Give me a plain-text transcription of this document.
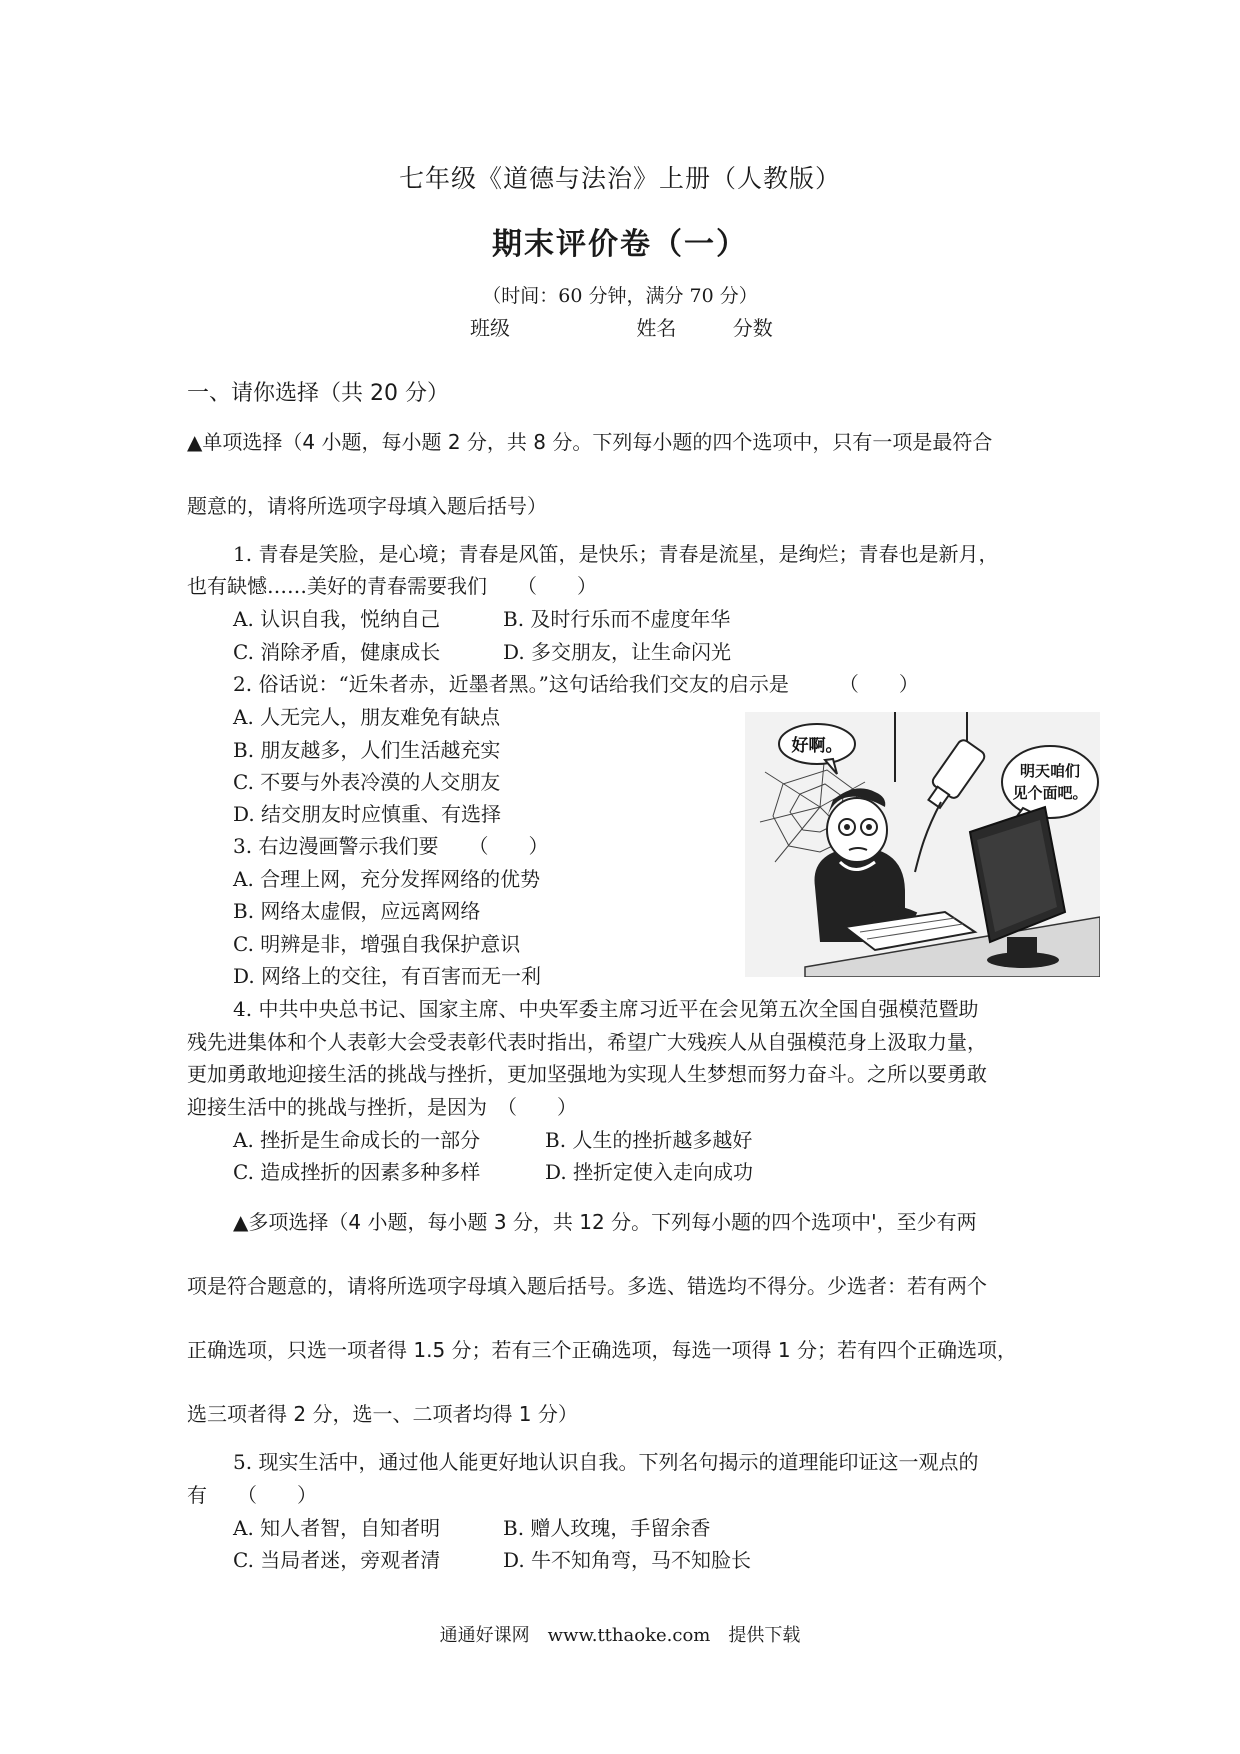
七年级《道德与法治》上册（人教版）
期末评价卷（一）
（时间：60 分钟，满分 70 分）
班级	姓名	分数
一、请你选择（共 20 分）
▲单项选择（4 小题，每小题 2 分，共 8 分。下列每小题的四个选项中，只有一项是最符合
题意的，请将所选项字母填入题后括号）
1. 青春是笑脸，是心境；青春是风笛，是快乐；青春是流星，是绚烂；青春也是新月，
也有缺憾……美好的青春需要我们　　（　　）
A. 认识自我，悦纳自己	B. 及时行乐而不虚度年华
C. 消除矛盾，健康成长	D. 多交朋友，让生命闪光
2. 俗话说：“近朱者赤，近墨者黑。”这句话给我们交友的启示是　　　（　　）
A. 人无完人，朋友难免有缺点
B. 朋友越多，人们生活越充实
C. 不要与外表冷漠的人交朋友
D. 结交朋友时应慎重、有选择
3. 右边漫画警示我们要　　（　　）
A. 合理上网，充分发挥网络的优势
B. 网络太虚假，应远离网络
C. 明辨是非，增强自我保护意识
D. 网络上的交往，有百害而无一利
好啊。
明天咱们
见个面吧。
4. 中共中央总书记、国家主席、中央军委主席习近平在会见第五次全国自强模范暨助
残先进集体和个人表彰大会受表彰代表时指出，希望广大残疾人从自强模范身上汲取力量，
更加勇敢地迎接生活的挑战与挫折，更加坚强地为实现人生梦想而努力奋斗。之所以要勇敢
迎接生活中的挑战与挫折，是因为　（　　）
A. 挫折是生命成长的一部分	B. 人生的挫折越多越好
C. 造成挫折的因素多种多样	D. 挫折定使入走向成功
▲多项选择（4 小题，每小题 3 分，共 12 分。下列每小题的四个选项中'，至少有两
项是符合题意的，请将所选项字母填入题后括号。多选、错选均不得分。少选者：若有两个
正确选项，只选一项者得 1.5 分；若有三个正确选项，每选一项得 1 分；若有四个正确选项，
选三项者得 2 分，选一、二项者均得 1 分）
5. 现实生活中，通过他人能更好地认识自我。下列名句揭示的道理能印证这一观点的
有　　（　　）
A. 知人者智，自知者明	B. 赠人玫瑰，手留余香
C. 当局者迷，旁观者清	D. 牛不知角弯，马不知脸长
通通好课网　www.tthaoke.com　提供下载
